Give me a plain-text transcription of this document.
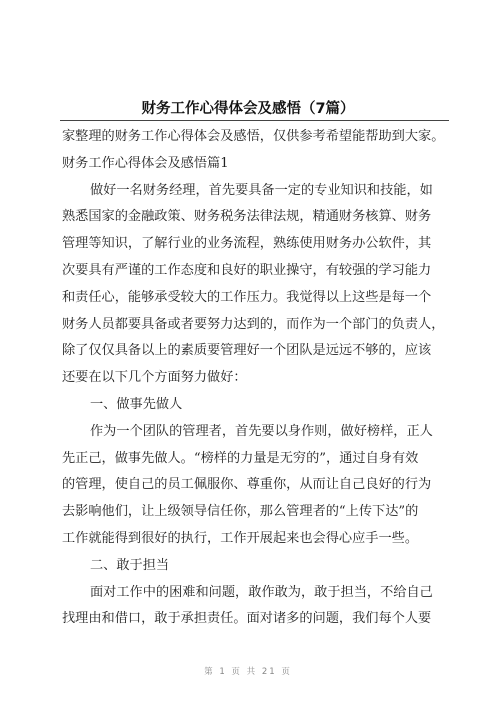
财务工作心得体会及感悟（7篇）
家整理的财务工作心得体会及感悟，仅供参考希望能帮助到大家。
财务工作心得体会及感悟篇1
做好一名财务经理，首先要具备一定的专业知识和技能，如
熟悉国家的金融政策、财务税务法律法规，精通财务核算、财务
管理等知识，了解行业的业务流程，熟练使用财务办公软件，其
次要具有严谨的工作态度和良好的职业操守，有较强的学习能力
和责任心，能够承受较大的工作压力。我觉得以上这些是每一个
财务人员都要具备或者要努力达到的，而作为一个部门的负责人，
除了仅仅具备以上的素质要管理好一个团队是远远不够的，应该
还要在以下几个方面努力做好：
一、做事先做人
作为一个团队的管理者，首先要以身作则，做好榜样，正人
先正己，做事先做人。“榜样的力量是无穷的”，通过自身有效
的管理，使自己的员工佩服你、尊重你，从而让自己良好的行为
去影响他们，让上级领导信任你，那么管理者的“上传下达”的
工作就能得到很好的执行，工作开展起来也会得心应手一些。
二、敢于担当
面对工作中的困难和问题，敢作敢为，敢于担当，不给自己
找理由和借口，敢于承担责任。面对诸多的问题，我们每个人要
第 1 页 共 21 页
